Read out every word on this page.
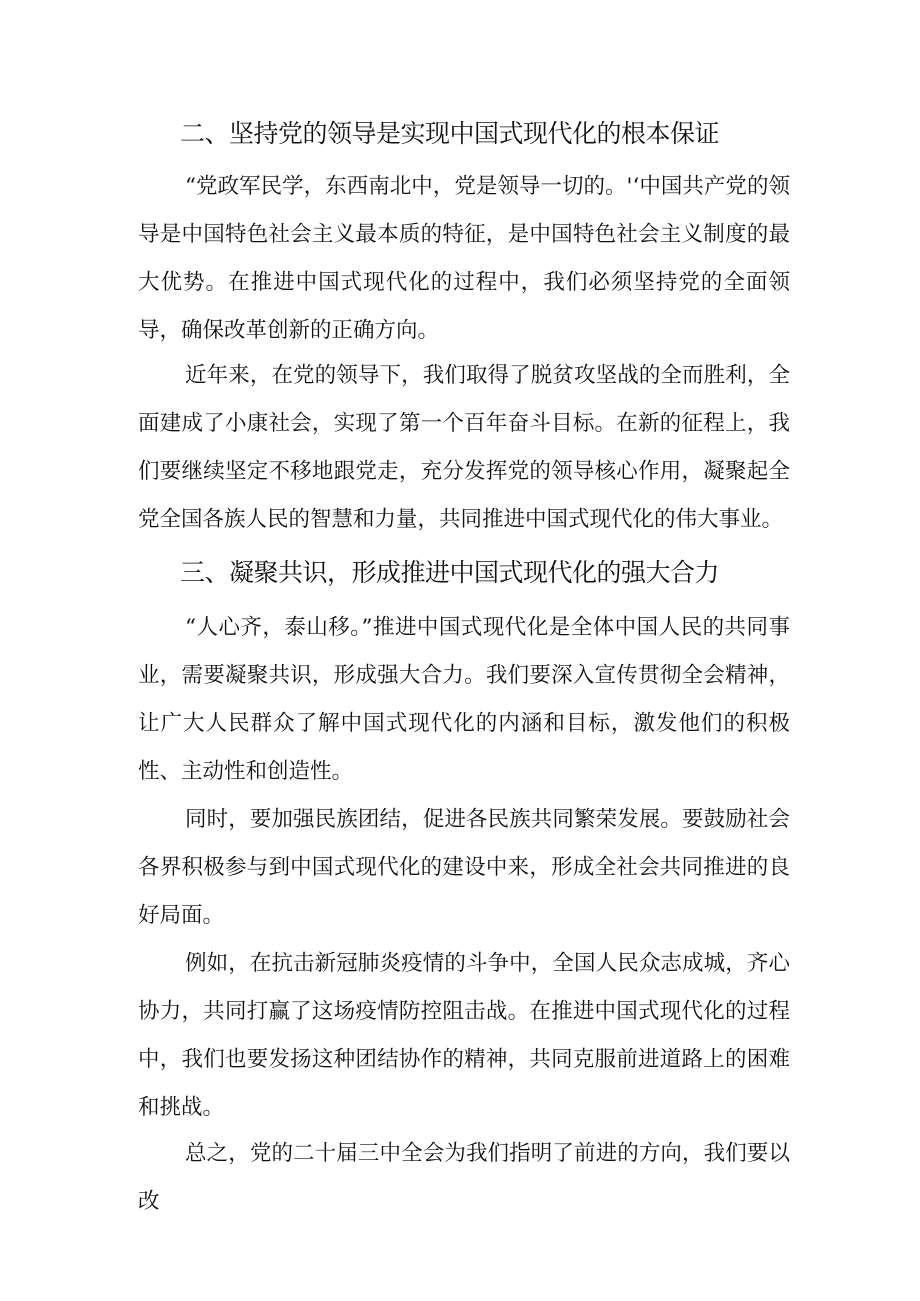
二、坚持党的领导是实现中国式现代化的根本保证
“党政军民学，东西南北中，党是领导一切的。'‘中国共产党的领导是中国特色社会主义最本质的特征，是中国特色社会主义制度的最大优势。在推进中国式现代化的过程中，我们必须坚持党的全面领导，确保改革创新的正确方向。
近年来，在党的领导下，我们取得了脱贫攻坚战的全而胜利，全面建成了小康社会，实现了第一个百年奋斗目标。在新的征程上，我们要继续坚定不移地跟党走，充分发挥党的领导核心作用，凝聚起全党全国各族人民的智慧和力量，共同推进中国式现代化的伟大事业。
三、凝聚共识，形成推进中国式现代化的强大合力
“人心齐，泰山移。”推进中国式现代化是全体中国人民的共同事业，需要凝聚共识，形成强大合力。我们要深入宣传贯彻全会精神，让广大人民群众了解中国式现代化的内涵和目标，激发他们的积极性、主动性和创造性。
同时，要加强民族团结，促进各民族共同繁荣发展。要鼓励社会各界积极参与到中国式现代化的建设中来，形成全社会共同推进的良好局面。
例如，在抗击新冠肺炎疫情的斗争中，全国人民众志成城，齐心协力，共同打赢了这场疫情防控阻击战。在推进中国式现代化的过程中，我们也要发扬这种团结协作的精神，共同克服前进道路上的困难和挑战。
总之，党的二十届三中全会为我们指明了前进的方向，我们要以改
